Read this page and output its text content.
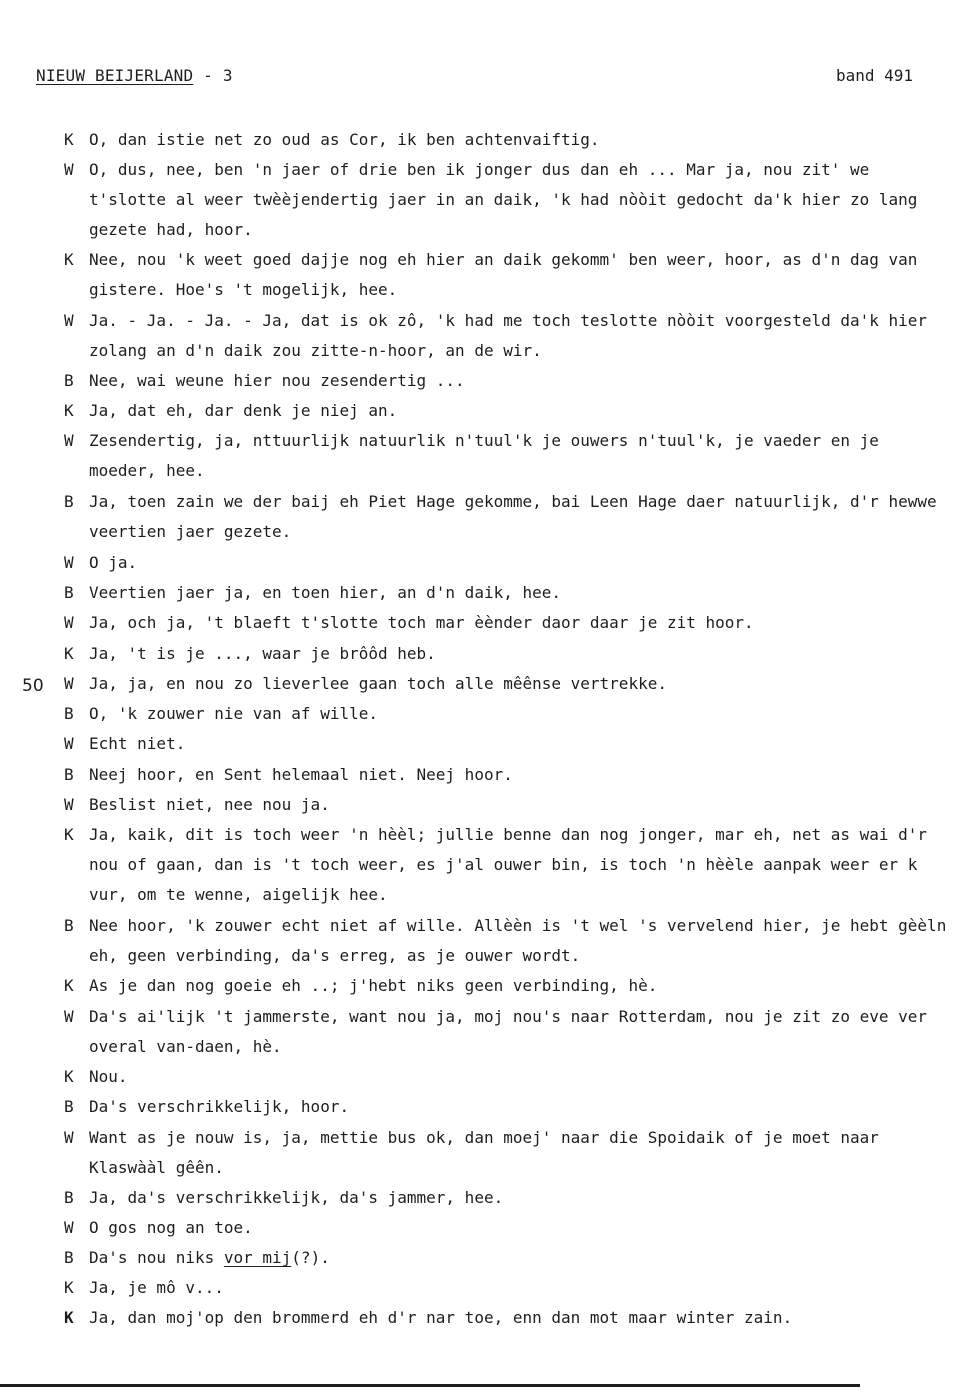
NIEUW BEIJERLAND - 3	band 491
50
K O, dan istie net zo oud as Cor, ik ben achtenvaiftig.
W O, dus, nee, ben 'n jaer of drie ben ik jonger dus dan eh ... Mar ja, nou zit' we t'slotte al weer twèèjendertig jaer in an daik, 'k had nòòit gedocht da'k hier zo lang gezete had, hoor.
K Nee, nou 'k weet goed dajje nog eh hier an daik gekomm' ben weer, hoor, as d'n dag van gistere. Hoe's 't mogelijk, hee.
W Ja. - Ja. - Ja. - Ja, dat is ok zô, 'k had me toch teslotte nòòit voorgesteld da'k hier zolang an d'n daik zou zitte-n-hoor, an de wir.
B Nee, wai weune hier nou zesendertig ...
K Ja, dat eh, dar denk je niej an.
W Zesendertig, ja, nttuurlijk natuurlik n'tuul'k je ouwers n'tuul'k, je vaeder en je moeder, hee.
B Ja, toen zain we der baij eh Piet Hage gekomme, bai Leen Hage daer natuurlijk, d'r hewwe veertien jaer gezete.
W O ja.
B Veertien jaer ja, en toen hier, an d'n daik, hee.
W Ja, och ja, 't blaeft t'slotte toch mar èènder daor daar je zit hoor.
K Ja, 't is je ..., waar je brôôd heb.
W Ja, ja, en nou zo lieverlee gaan toch alle mêênse vertrekke.
B O, 'k zouwer nie van af wille.
W Echt niet.
B Neej hoor, en Sent helemaal niet. Neej hoor.
W Beslist niet, nee nou ja.
K Ja, kaik, dit is toch weer 'n hèèl; jullie benne dan nog jonger, mar eh, net as wai d'r nou of gaan, dan is 't toch weer, es j'al ouwer bin, is toch 'n hèèle aanpak weer er k vur, om te wenne, aigelijk hee.
B Nee hoor, 'k zouwer echt niet af wille. Allèèn is 't wel 's vervelend hier, je hebt gèèln eh, geen verbinding, da's erreg, as je ouwer wordt.
K As je dan nog goeie eh ..; j'hebt niks geen verbinding, hè.
W Da's ai'lijk 't jammerste, want nou ja, moj nou's naar Rotterdam, nou je zit zo eve ver overal van-daen, hè.
K Nou.
B Da's verschrikkelijk, hoor.
W Want as je nouw is, ja, mettie bus ok, dan moej' naar die Spoidaik of je moet naar Klaswààl gêên.
B Ja, da's verschrikkelijk, da's jammer, hee.
W O gos nog an toe.
B Da's nou niks vor mij(?).
K Ja, je mô v...
K Ja, dan moj'op den brommerd eh d'r nar toe, enn dan mot maar winter zain.
